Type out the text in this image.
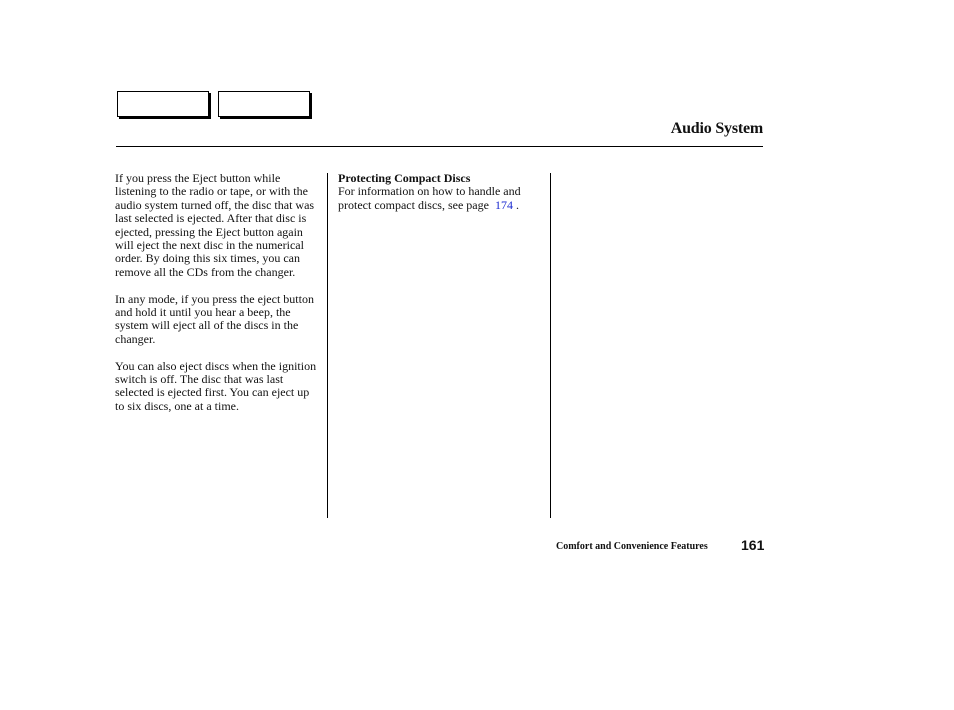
Audio System

If you press the Eject button while listening to the radio or tape, or with the audio system turned off, the disc that was last selected is ejected. After that disc is ejected, pressing the Eject button again will eject the next disc in the numerical order. By doing this six times, you can remove all the CDs from the changer.

In any mode, if you press the eject button and hold it until you hear a beep, the system will eject all of the discs in the changer.

You can also eject discs when the ignition switch is off. The disc that was last selected is ejected first. You can eject up to six discs, one at a time.

Protecting Compact Discs

For information on how to handle and protect compact discs, see page 174 .

Comfort and Convenience Features 161
